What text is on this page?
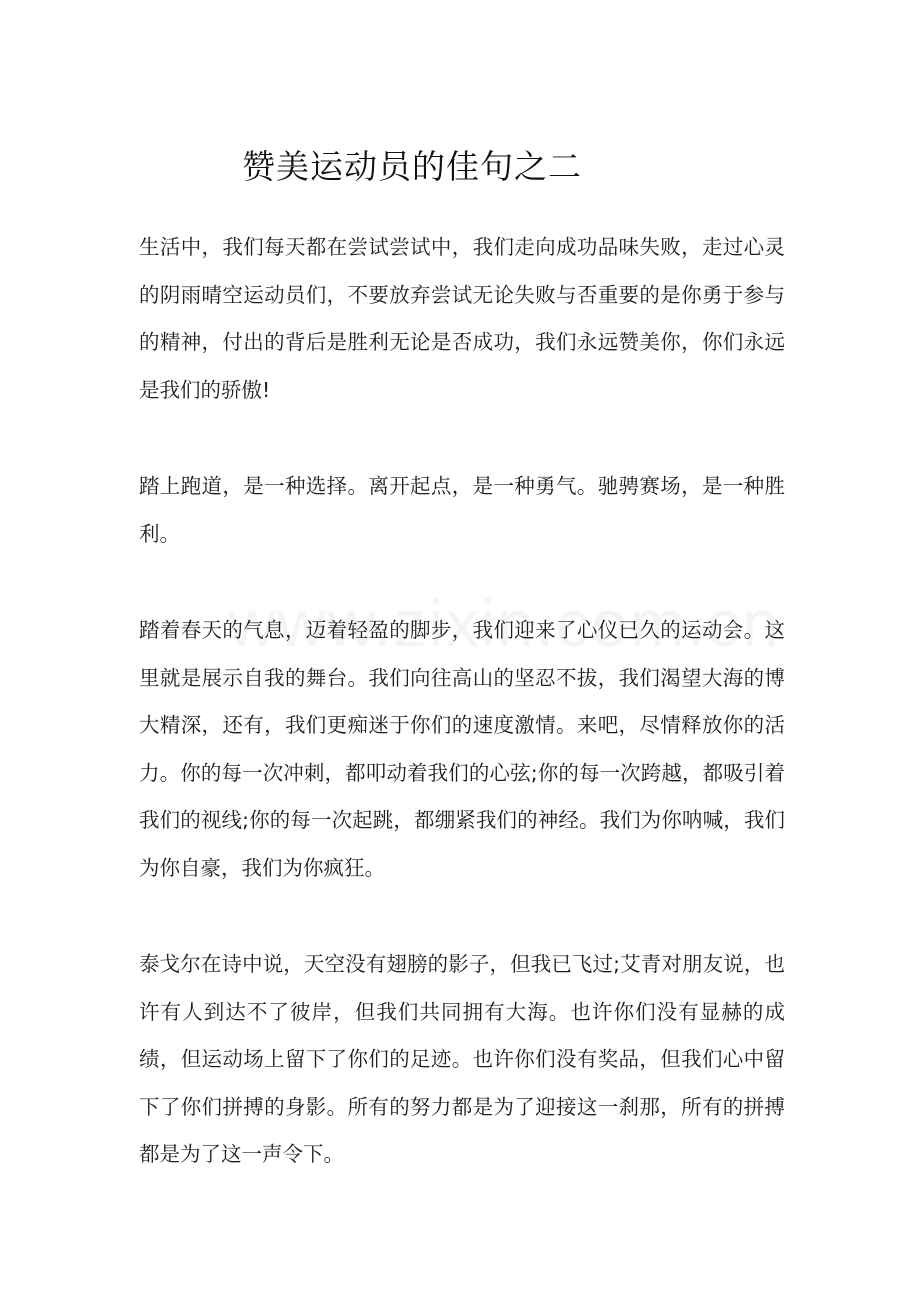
赞美运动员的佳句之二

生活中，我们每天都在尝试尝试中，我们走向成功品味失败，走过心灵的阴雨晴空运动员们，不要放弃尝试无论失败与否重要的是你勇于参与的精神，付出的背后是胜利无论是否成功，我们永远赞美你，你们永远是我们的骄傲!

踏上跑道，是一种选择。离开起点，是一种勇气。驰骋赛场，是一种胜利。

踏着春天的气息，迈着轻盈的脚步，我们迎来了心仪已久的运动会。这里就是展示自我的舞台。我们向往高山的坚忍不拔，我们渴望大海的博大精深，还有，我们更痴迷于你们的速度激情。来吧，尽情释放你的活力。你的每一次冲刺，都叩动着我们的心弦;你的每一次跨越，都吸引着我们的视线;你的每一次起跳，都绷紧我们的神经。我们为你呐喊，我们为你自豪，我们为你疯狂。

泰戈尔在诗中说，天空没有翅膀的影子，但我已飞过;艾青对朋友说，也许有人到达不了彼岸，但我们共同拥有大海。也许你们没有显赫的成绩，但运动场上留下了你们的足迹。也许你们没有奖品，但我们心中留下了你们拼搏的身影。所有的努力都是为了迎接这一刹那，所有的拼搏都是为了这一声令下。
